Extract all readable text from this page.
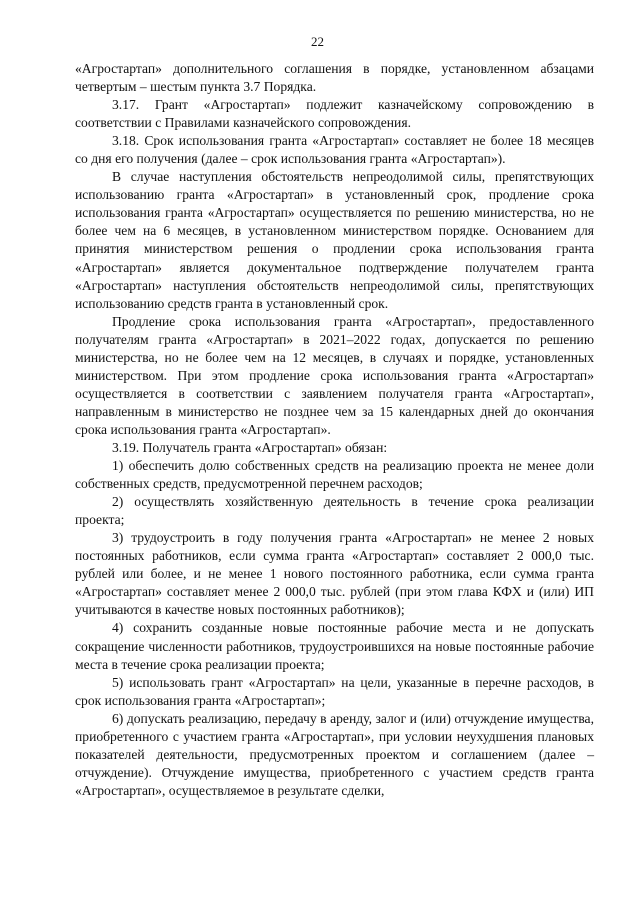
22

«Агростартап» дополнительного соглашения в порядке, установленном абзацами четвертым – шестым пункта 3.7 Порядка.

3.17. Грант «Агростартап» подлежит казначейскому сопровождению в соответствии с Правилами казначейского сопровождения.

3.18. Срок использования гранта «Агростартап» составляет не более 18 месяцев со дня его получения (далее – срок использования гранта «Агростартап»).

В случае наступления обстоятельств непреодолимой силы, препятствующих использованию гранта «Агростартап» в установленный срок, продление срока использования гранта «Агростартап» осуществляется по решению министерства, но не более чем на 6 месяцев, в установленном министерством порядке. Основанием для принятия министерством решения о продлении срока использования гранта «Агростартап» является документальное подтверждение получателем гранта «Агростартап» наступления обстоятельств непреодолимой силы, препятствующих использованию средств гранта в установленный срок.

Продление срока использования гранта «Агростартап», предоставленного получателям гранта «Агростартап» в 2021–2022 годах, допускается по решению министерства, но не более чем на 12 месяцев, в случаях и порядке, установленных министерством. При этом продление срока использования гранта «Агростартап» осуществляется в соответствии с заявлением получателя гранта «Агростартап», направленным в министерство не позднее чем за 15 календарных дней до окончания срока использования гранта «Агростартап».

3.19. Получатель гранта «Агростартап» обязан:

1) обеспечить долю собственных средств на реализацию проекта не менее доли собственных средств, предусмотренной перечнем расходов;

2) осуществлять хозяйственную деятельность в течение срока реализации проекта;

3) трудоустроить в году получения гранта «Агростартап» не менее 2 новых постоянных работников, если сумма гранта «Агростартап» составляет 2 000,0 тыс. рублей или более, и не менее 1 нового постоянного работника, если сумма гранта «Агростартап» составляет менее 2 000,0 тыс. рублей (при этом глава КФХ и (или) ИП учитываются в качестве новых постоянных работников);

4) сохранить созданные новые постоянные рабочие места и не допускать сокращение численности работников, трудоустроившихся на новые постоянные рабочие места в течение срока реализации проекта;

5) использовать грант «Агростартап» на цели, указанные в перечне расходов, в срок использования гранта «Агростартап»;

6) допускать реализацию, передачу в аренду, залог и (или) отчуждение имущества, приобретенного с участием гранта «Агростартап», при условии неухудшения плановых показателей деятельности, предусмотренных проектом и соглашением (далее – отчуждение). Отчуждение имущества, приобретенного с участием средств гранта «Агростартап», осуществляемое в результате сделки,
